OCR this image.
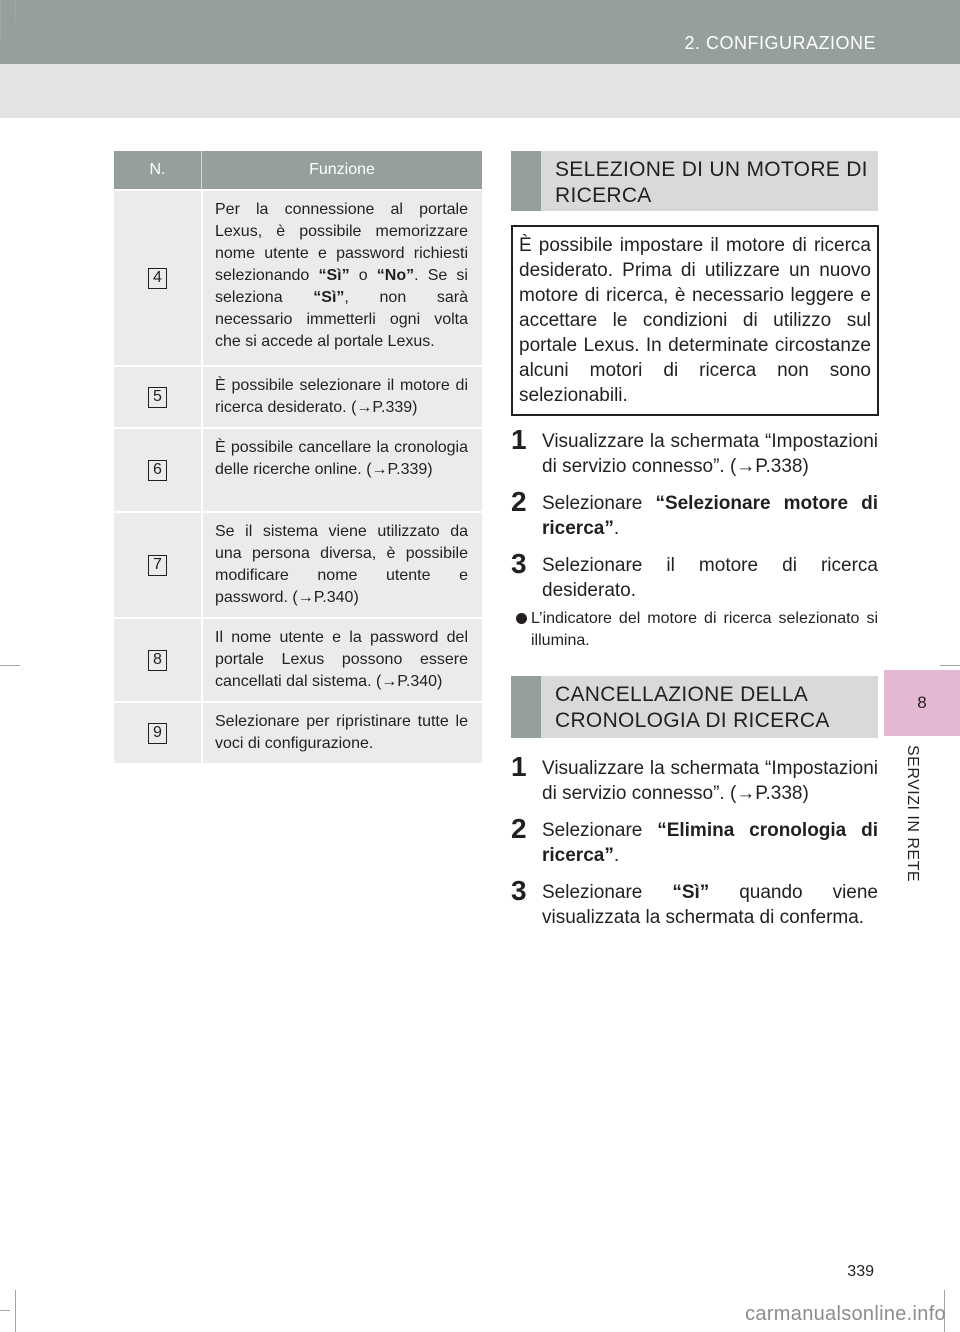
2. CONFIGURAZIONE
8
SERVIZI IN RETE
N.	Funzione
4
Per la connessione al portale Lexus, è possibile memorizzare nome utente e password richiesti selezionando “Sì” o “No”. Se si seleziona “Sì”, non sarà necessario immetterli ogni volta che si accede al portale Lexus.
5
È possibile selezionare il motore di ricerca desiderato. (→P.339)
6
È possibile cancellare la cronologia delle ricerche online. (→P.339)
7
Se il sistema viene utilizzato da una persona diversa, è possibile modificare nome utente e password. (→P.340)
8
Il nome utente e la password del portale Lexus possono essere cancellati dal sistema. (→P.340)
9
Selezionare per ripristinare tutte le voci di configurazione.
SELEZIONE DI UN MOTORE DI RICERCA
È possibile impostare il motore di ricerca desiderato. Prima di utilizzare un nuovo motore di ricerca, è necessario leggere e accettare le condizioni di utilizzo sul portale Lexus. In determinate circostanze alcuni motori di ricerca non sono selezionabili.
1 Visualizzare la schermata “Impostazioni di servizio connesso”. (→P.338)
2 Selezionare “Selezionare motore di ricerca”.
3 Selezionare il motore di ricerca desiderato.
L’indicatore del motore di ricerca selezionato si illumina.
CANCELLAZIONE DELLA CRONOLOGIA DI RICERCA
1 Visualizzare la schermata “Impostazioni di servizio connesso”. (→P.338)
2 Selezionare “Elimina cronologia di ricerca”.
3 Selezionare “Sì” quando viene visualizzata la schermata di conferma.
339
carmanualsonline.info
